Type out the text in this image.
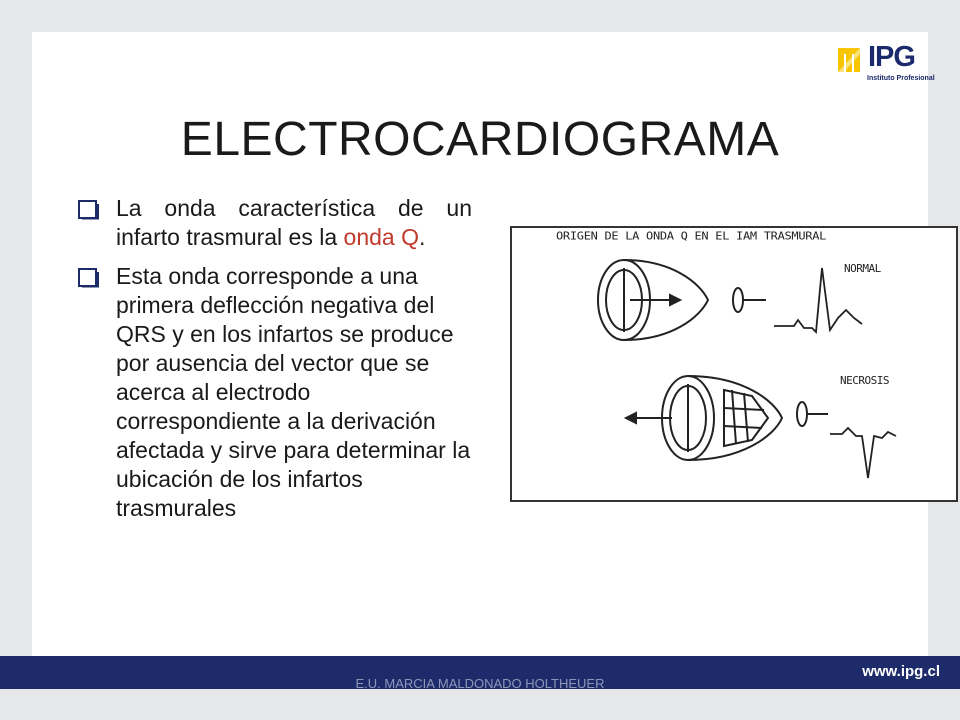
IPG
Instituto Profesional
ELECTROCARDIOGRAMA
La onda característica de un infarto trasmural es la onda Q.
Esta onda corresponde a una primera deflección negativa del QRS y en los infartos se produce por ausencia del vector que se acerca al electrodo correspondiente a la derivación afectada y sirve para determinar la ubicación de los infartos trasmurales
ORIGEN DE LA ONDA Q EN EL IAM TRASMURAL
NORMAL
NECROSIS
www.ipg.cl
E.U. MARCIA MALDONADO HOLTHEUER
